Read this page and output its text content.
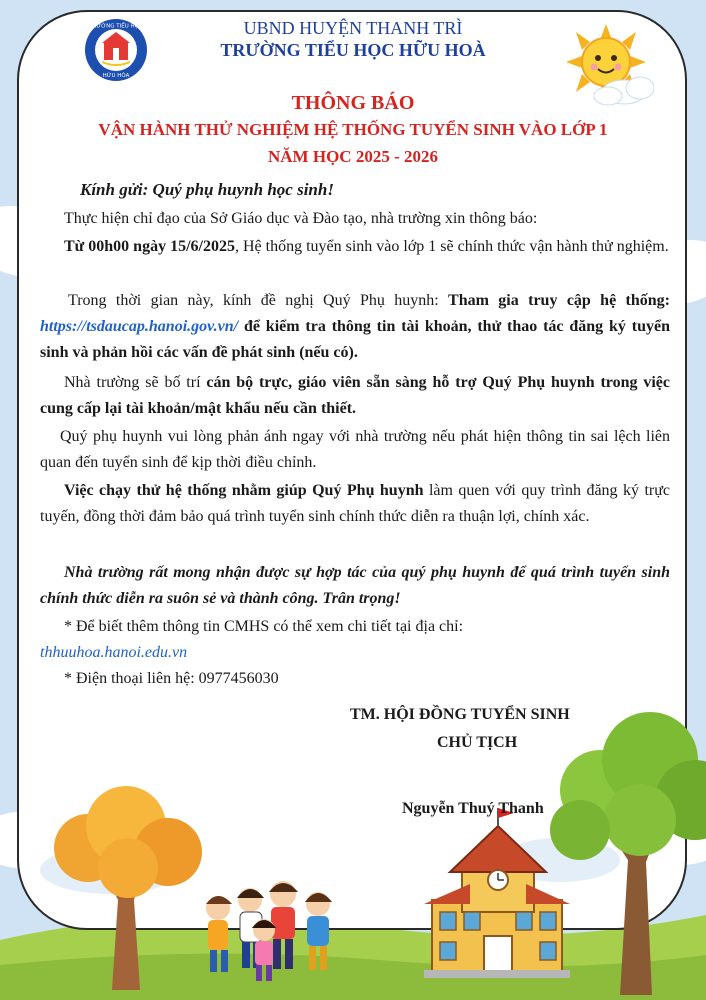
TRƯỜNG TIỂU HỌC
HỮU HÒA
UBND HUYỆN THANH TRÌ
TRƯỜNG TIỂU HỌC HỮU HOÀ
THÔNG BÁO
VẬN HÀNH THỬ NGHIỆM HỆ THỐNG TUYỂN SINH VÀO LỚP 1
NĂM HỌC 2025 - 2026
Kính gửi: Quý phụ huynh học sinh!
Thực hiện chỉ đạo của Sở Giáo dục và Đào tạo, nhà trường xin thông báo:
Từ 00h00 ngày 15/6/2025, Hệ thống tuyển sinh vào lớp 1 sẽ chính thức vận hành thử nghiệm.
Trong thời gian này, kính đề nghị Quý Phụ huynh: Tham gia truy cập hệ thống: https://tsdaucap.hanoi.gov.vn/ để kiểm tra thông tin tài khoản, thử thao tác đăng ký tuyển sinh và phản hồi các vấn đề phát sinh (nếu có).
Nhà trường sẽ bố trí cán bộ trực, giáo viên sẵn sàng hỗ trợ Quý Phụ huynh trong việc cung cấp lại tài khoản/mật khẩu nếu cần thiết.
Quý phụ huynh vui lòng phản ánh ngay với nhà trường nếu phát hiện thông tin sai lệch liên quan đến tuyển sinh để kịp thời điều chỉnh.
Việc chạy thử hệ thống nhằm giúp Quý Phụ huynh làm quen với quy trình đăng ký trực tuyến, đồng thời đảm bảo quá trình tuyển sinh chính thức diễn ra thuận lợi, chính xác.
Nhà trường rất mong nhận được sự hợp tác của quý phụ huynh để quá trình tuyển sinh chính thức diễn ra suôn sẻ và thành công. Trân trọng!
* Để biết thêm thông tin CMHS có thể xem chi tiết tại địa chỉ:
thhuuhoa.hanoi.edu.vn
* Điện thoại liên hệ: 0977456030
TM. HỘI ĐỒNG TUYỂN SINH
CHỦ TỊCH
Nguyễn Thuý Thanh
